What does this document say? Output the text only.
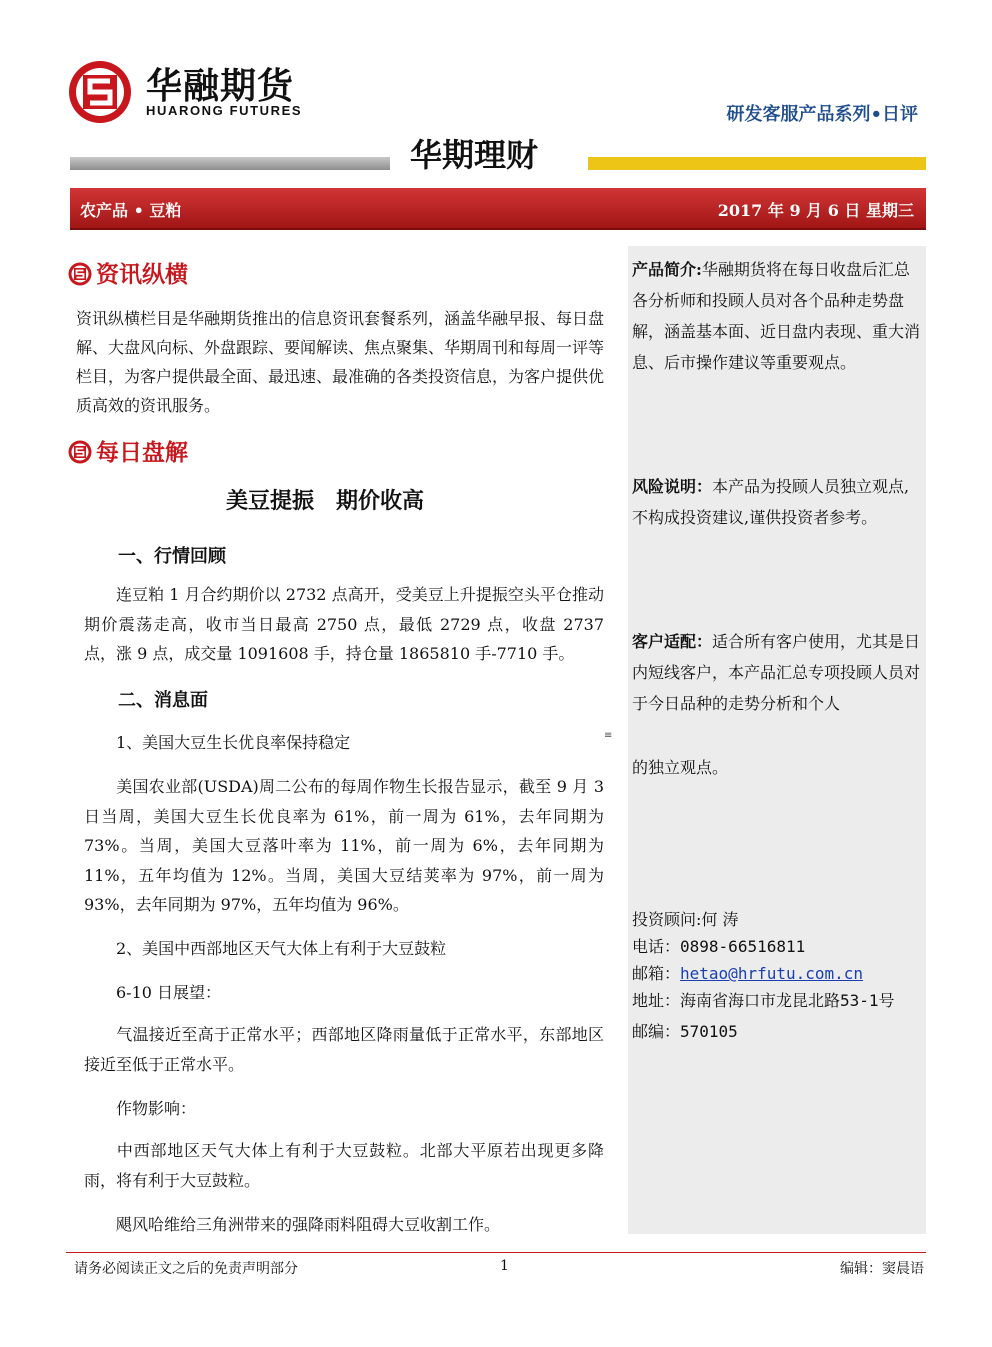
华融期货
HUARONG FUTURES	研发客服产品系列•日评
华期理财
农产品 • 豆粕	2017 年 9 月 6 日 星期三
产品简介:华融期货将在每日收盘后汇总各分析师和投顾人员对各个品种走势盘解，涵盖基本面、近日盘内表现、重大消息、后市操作建议等重要观点。
风险说明：本产品为投顾人员独立观点,不构成投资建议,谨供投资者参考。
客户适配：适合所有客户使用，尤其是日内短线客户，本产品汇总专项投顾人员对于今日品种的走势分析和个人
的独立观点。
投资顾问:何 涛
电话：0898-66516811
邮箱：hetao@hrfutu.com.cn
地址：海南省海口市龙昆北路53-1号
邮编：570105
资讯纵横
资讯纵横栏目是华融期货推出的信息资讯套餐系列，涵盖华融早报、每日盘解、大盘风向标、外盘跟踪、要闻解读、焦点聚集、华期周刊和每周一评等栏目，为客户提供最全面、最迅速、最准确的各类投资信息，为客户提供优质高效的资讯服务。
每日盘解
美豆提振　期价收高
一、行情回顾
连豆粕 1 月合约期价以 2732 点高开，受美豆上升提振空头平仓推动期价震荡走高，收市当日最高 2750 点，最低 2729 点，收盘 2737 点，涨 9 点，成交量 1091608 手，持仓量 1865810 手-7710 手。
二、消息面
1、美国大豆生长优良率保持稳定	≡
美国农业部(USDA)周二公布的每周作物生长报告显示，截至 9 月 3 日当周，美国大豆生长优良率为 61%，前一周为 61%，去年同期为 73%。当周，美国大豆落叶率为 11%，前一周为 6%，去年同期为 11%，五年均值为 12%。当周，美国大豆结荚率为 97%，前一周为 93%，去年同期为 97%，五年均值为 96%。
2、美国中西部地区天气大体上有利于大豆鼓粒
6-10 日展望：
气温接近至高于正常水平；西部地区降雨量低于正常水平，东部地区接近至低于正常水平。
作物影响：
中西部地区天气大体上有利于大豆鼓粒。北部大平原若出现更多降雨，将有利于大豆鼓粒。
飓风哈维给三角洲带来的强降雨料阻碍大豆收割工作。
请务必阅读正文之后的免责声明部分	1	编辑：窦晨语
